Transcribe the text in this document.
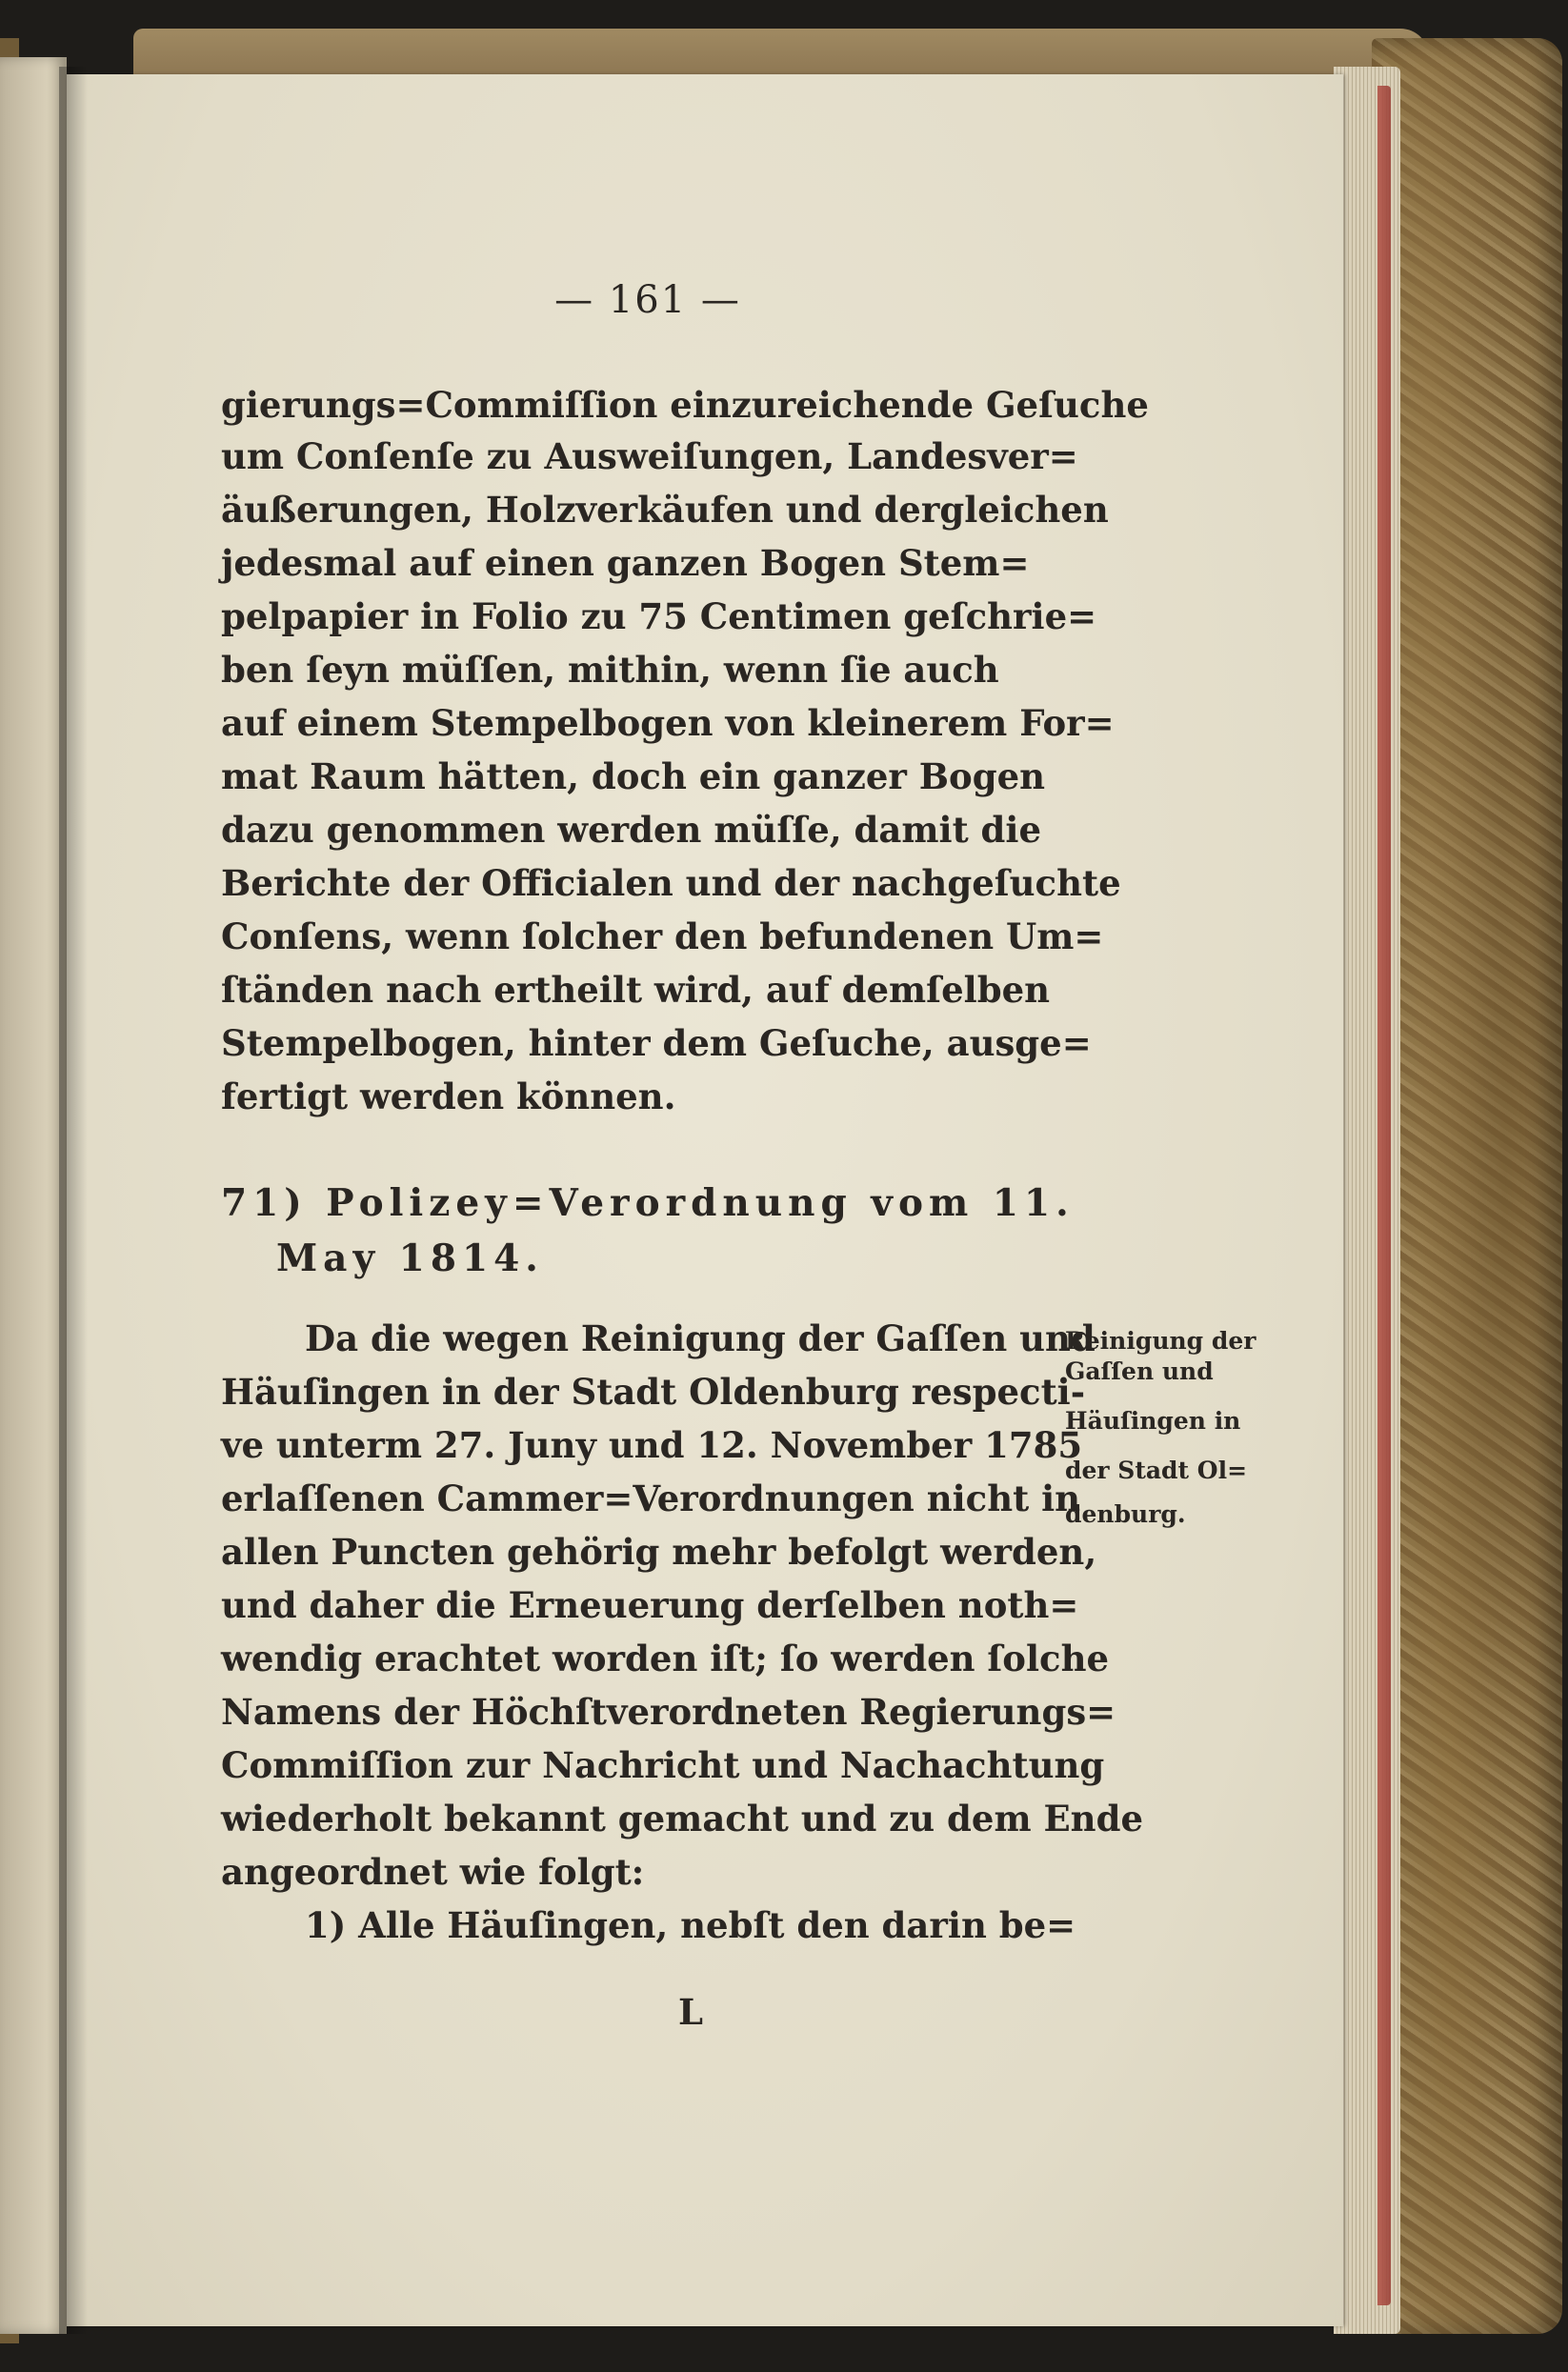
— 161 —
gierungs=Commiſſion einzureichende Geſuche
um Conſenſe zu Ausweiſungen, Landesver=
äußerungen, Holzverkäufen und dergleichen
jedesmal auf einen ganzen Bogen Stem=
pelpapier in Folio zu 75 Centimen geſchrie=
ben ſeyn müſſen, mithin, wenn ſie auch
auf einem Stempelbogen von kleinerem For=
mat Raum hätten, doch ein ganzer Bogen
dazu genommen werden müſſe, damit die
Berichte der Officialen und der nachgeſuchte
Conſens, wenn ſolcher den befundenen Um=
ſtänden nach ertheilt wird, auf demſelben
Stempelbogen, hinter dem Geſuche, ausge=
fertigt werden können.
71) Polizey=Verordnung vom 11.
May 1814.
Da die wegen Reinigung der Gaſſen und
Häuſingen in der Stadt Oldenburg respecti-
ve unterm 27. Juny und 12. November 1785
erlaſſenen Cammer=Verordnungen nicht in
allen Puncten gehörig mehr befolgt werden,
und daher die Erneuerung derſelben noth=
wendig erachtet worden iſt; ſo werden ſolche
Namens der Höchſtverordneten Regierungs=
Commiſſion zur Nachricht und Nachachtung
wiederholt bekannt gemacht und zu dem Ende
angeordnet wie folgt:
1) Alle Häuſingen, nebſt den darin be=
Reinigung der
Gaſſen und
Häuſingen in
der Stadt Ol=
denburg.
L
